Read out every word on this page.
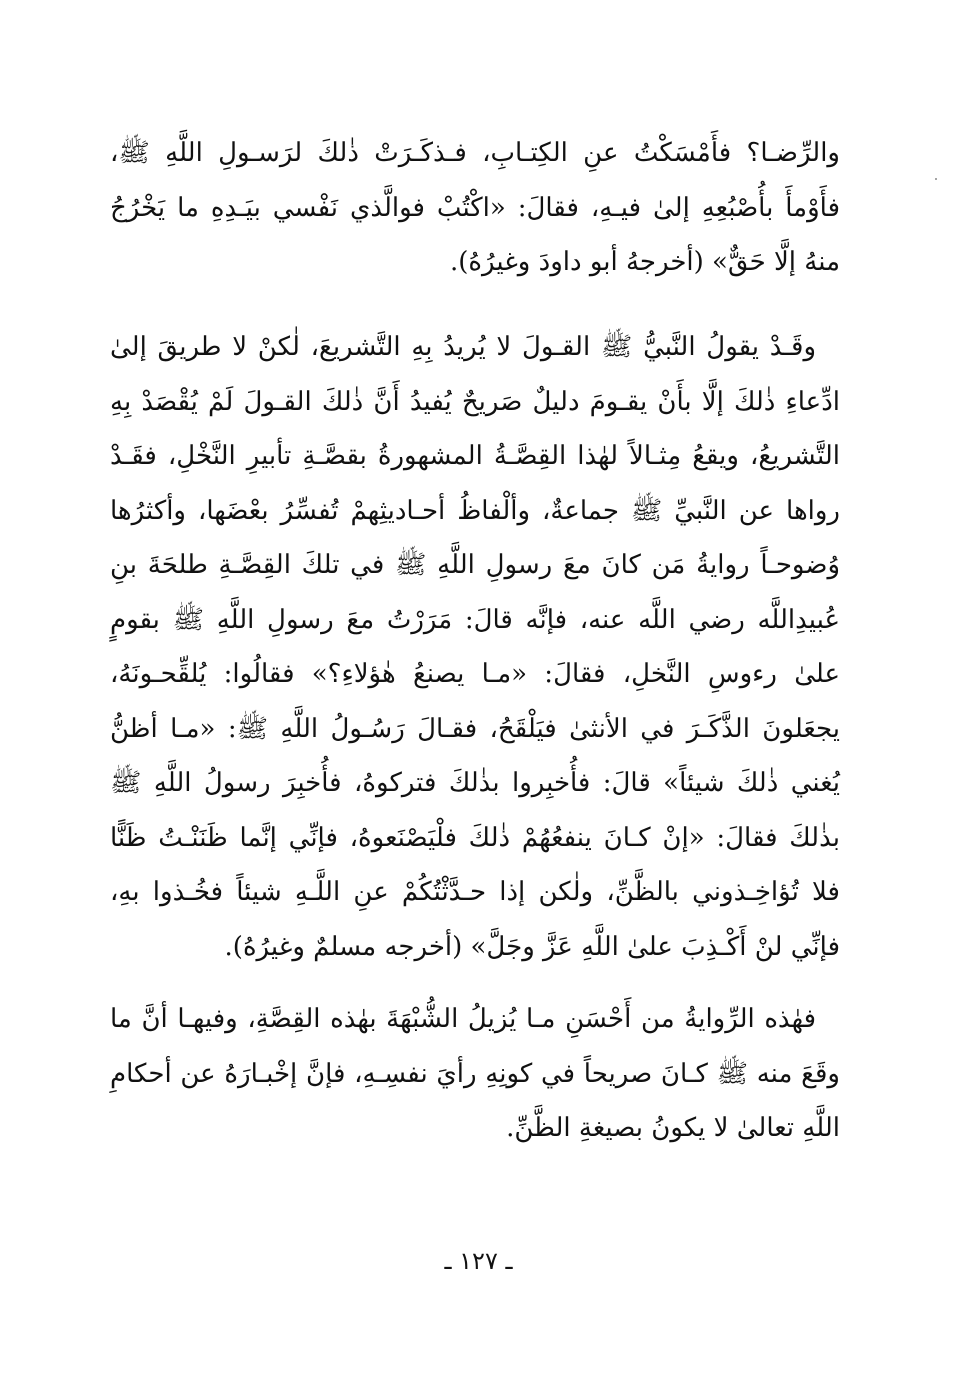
والرِّضـا؟ فأَمْسَكْتُ عنِ الكِتـابِ، فـذكَـرَتْ ذٰلكَ لرَسـولِ اللَّهِ ﷺ، فأَوْمأَ بأُصْبُعِهِ إلىٰ فيـهِ، فقالَ: «اكْتُبْ فوالَّذي نَفْسي بيَـدِهِ ما يَخْرُجُ منهُ إلَّا حَقٌّ» (أخرجهُ أبو داودَ وغيرُهُ).

وقَـدْ يقولُ النَّبيُّ ﷺ القـولَ لا يُريدُ بِهِ التَّشريعَ، لٰكنْ لا طريقَ إلىٰ ادِّعاءِ ذٰلكَ إلَّا بأَنْ يقـومَ دليلٌ صَريحٌ يُفيدُ أَنَّ ذٰلكَ القـولَ لَمْ يُقْصَدْ بِهِ التَّشريعُ، ويقعُ مِثـالاً لهٰذا القِصَّـةُ المشهورةُ بقصَّـةِ تأبيرِ النَّخْلِ، فقَـدْ رواها عن النَّبيِّ ﷺ جماعةٌ، وألْفاظُ أحـاديثِهمْ تُفسِّرُ بعْضَها، وأكثرُها وُضوحـاً روايةُ مَن كانَ معَ رسولِ اللَّهِ ﷺ في تلكَ القِصَّـةِ طلحَةَ بنِ عُبيدِاللَّه رضي اللَّه عنه، فإنَّه قالَ: مَرَرْتُ معَ رسولِ اللَّهِ ﷺ بقومٍ علىٰ رءوسِ النَّخلِ، فقالَ: «مـا يصنعُ هٰؤلاءِ؟» فقالُوا: يُلقِّحـونَهُ، يجعَلونَ الذَّكَـرَ في الأنثىٰ فيَلْقَحُ، فقـالَ رَسُـولُ اللَّهِ ﷺ: «مـا أظنُّ يُغني ذٰلكَ شيئاً» قالَ: فأُخبِروا بذٰلكَ فتركوهُ، فأُخبِرَ رسولُ اللَّهِ ﷺ بذٰلكَ فقالَ: «إنْ كـانَ ينفعُهُمْ ذٰلكَ فلْيَصْنَعوهُ، فإنِّي إنَّما ظَنَنْـتُ ظَنًّا فلا تُؤاخِـذوني بالظَّنِّ، ولٰكن إذا حـدَّثْتُكُمْ عنِ اللَّـهِ شيئاً فخُـذوا بهِ، فإنِّي لنْ أَكْـذِبَ علىٰ اللَّهِ عَزَّ وجَلَّ» (أخرجه مسلمٌ وغيرُهُ).

فهٰذه الرِّوايةُ من أَحْسَنِ مـا يُزيلُ الشُّبْهَةَ بهٰذه القِصَّةِ، وفيهـا أنَّ ما وقَعَ منه ﷺ كـانَ صريحاً في كونِهِ رأيَ نفسِـهِ، فإنَّ إخْبـارَهُ عن أحكامِ اللَّهِ تعالىٰ لا يكونُ بصيغةِ الظَّنِّ.

ـ ١٢٧ ـ
